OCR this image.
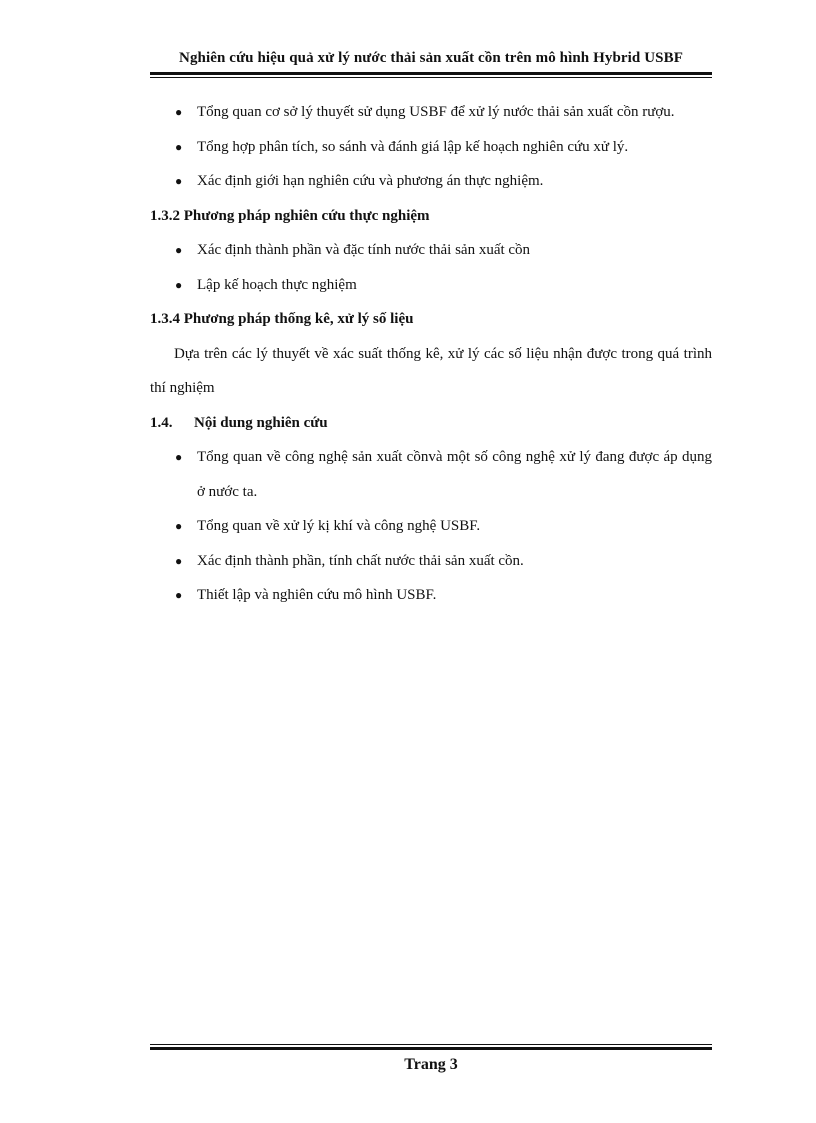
Nghiên cứu hiệu quả xử lý nước thải sản xuất cồn trên mô hình Hybrid USBF
● Tổng quan cơ sở lý thuyết sử dụng USBF để xử lý nước thải sản xuất cồn rượu.
● Tổng hợp phân tích, so sánh và đánh giá lập kế hoạch nghiên cứu xử lý.
● Xác định giới hạn nghiên cứu và phương án thực nghiệm.

1.3.2 Phương pháp nghiên cứu thực nghiệm

● Xác định thành phần và đặc tính nước thải sản xuất cồn
● Lập kế hoạch thực nghiệm

1.3.4 Phương pháp thống kê, xử lý số liệu

Dựa trên các lý thuyết về xác suất thống kê, xử lý các số liệu nhận được trong quá trình thí nghiệm

1.4. Nội dung nghiên cứu

● Tổng quan về công nghệ sản xuất cồnvà một số công nghệ xử lý đang được áp dụng ở nước ta.
● Tổng quan về xử lý kị khí và công nghệ USBF.
● Xác định thành phần, tính chất nước thải sản xuất cồn.
● Thiết lập và nghiên cứu mô hình USBF.
Trang 3
